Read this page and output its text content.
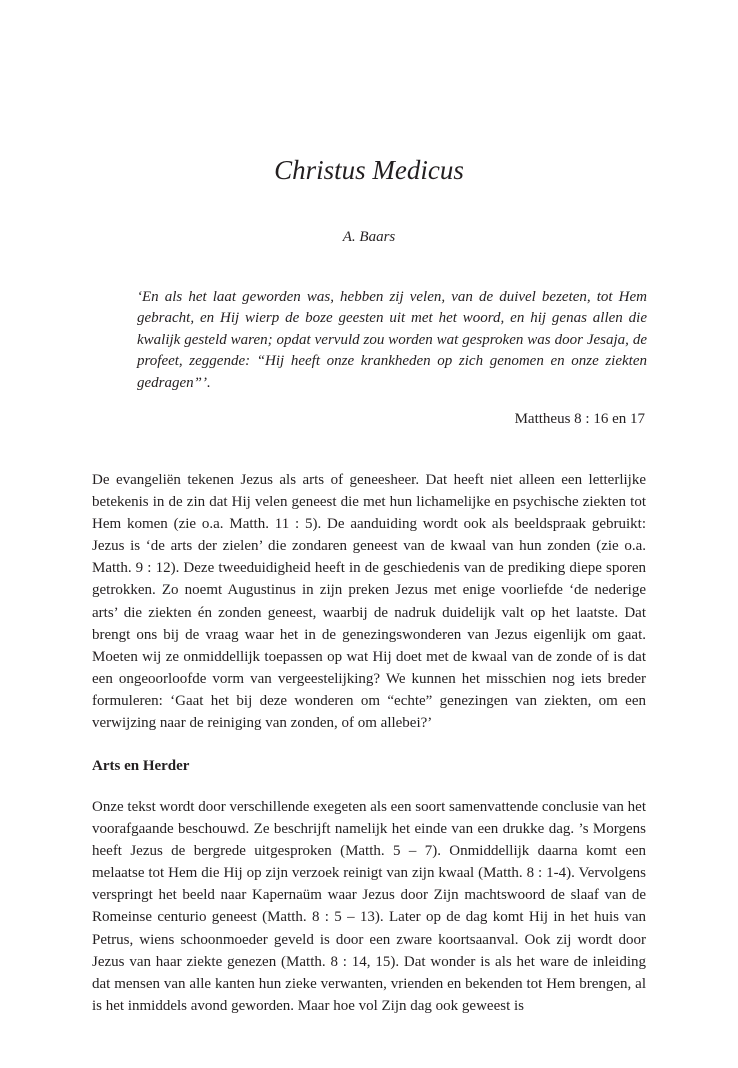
Christus Medicus
A. Baars

‘En als het laat geworden was, hebben zij velen, van de duivel bezeten, tot Hem gebracht, en Hij wierp de boze geesten uit met het woord, en hij genas allen die kwalijk gesteld waren; opdat vervuld zou worden wat gesproken was door Jesaja, de profeet, zeggende: “Hij heeft onze krankheden op zich genomen en onze ziekten gedragen”’.

Mattheus 8 : 16 en 17

De evangeliën tekenen Jezus als arts of geneesheer. Dat heeft niet alleen een letterlijke betekenis in de zin dat Hij velen geneest die met hun lichamelijke en psychische ziekten tot Hem komen (zie o.a. Matth. 11 : 5). De aanduiding wordt ook als beeldspraak gebruikt: Jezus is ‘de arts der zielen’ die zondaren geneest van de kwaal van hun zonden (zie o.a. Matth. 9 : 12). Deze tweeduidigheid heeft in de geschiedenis van de prediking diepe sporen getrokken. Zo noemt Augustinus in zijn preken Jezus met enige voorliefde ‘de nederige arts’ die ziekten én zonden geneest, waarbij de nadruk duidelijk valt op het laatste. Dat brengt ons bij de vraag waar het in de genezingswonderen van Jezus eigenlijk om gaat. Moeten wij ze onmiddellijk toepassen op wat Hij doet met de kwaal van de zonde of is dat een ongeoorloofde vorm van vergeestelijking? We kunnen het misschien nog iets breder formuleren: ‘Gaat het bij deze wonderen om “echte” genezingen van ziekten, om een verwijzing naar de reiniging van zonden, of om allebei?’

Arts en Herder

Onze tekst wordt door verschillende exegeten als een soort samenvattende conclusie van het voorafgaande beschouwd. Ze beschrijft namelijk het einde van een drukke dag. ’s Morgens heeft Jezus de bergrede uitgesproken (Matth. 5 – 7). Onmiddellijk daarna komt een melaatse tot Hem die Hij op zijn verzoek reinigt van zijn kwaal (Matth. 8 : 1-4). Vervolgens verspringt het beeld naar Kapernaüm waar Jezus door Zijn machtswoord de slaaf van de Romeinse centurio geneest (Matth. 8 : 5 – 13). Later op de dag komt Hij in het huis van Petrus, wiens schoonmoeder geveld is door een zware koortsaanval. Ook zij wordt door Jezus van haar ziekte genezen (Matth. 8 : 14, 15). Dat wonder is als het ware de inleiding dat mensen van alle kanten hun zieke verwanten, vrienden en bekenden tot Hem brengen, al is het inmiddels avond geworden. Maar hoe vol Zijn dag ook geweest is
